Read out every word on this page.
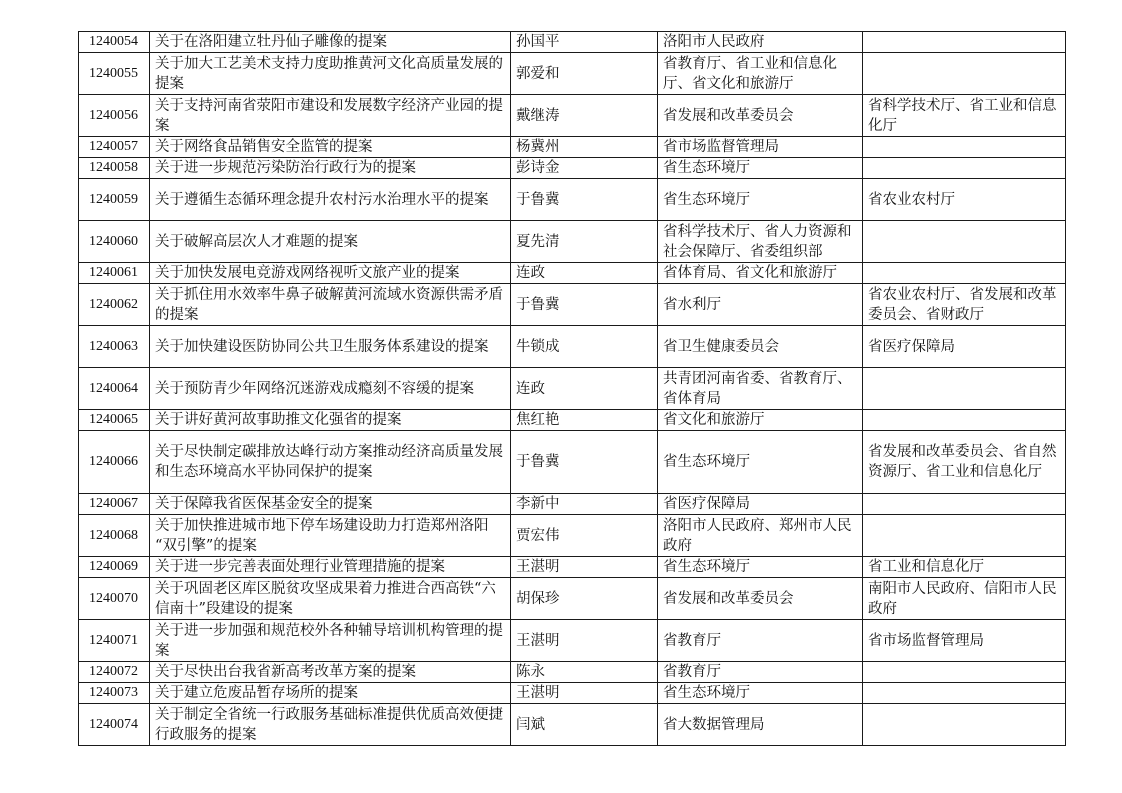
1240054	关于在洛阳建立牡丹仙子雕像的提案	孙国平	洛阳市人民政府	
1240055	关于加大工艺美术支持力度助推黄河文化高质量发展的提案	郭爱和	省教育厅、省工业和信息化厅、省文化和旅游厅	
1240056	关于支持河南省荥阳市建设和发展数字经济产业园的提案	戴继涛	省发展和改革委员会	省科学技术厅、省工业和信息化厅
1240057	关于网络食品销售安全监管的提案	杨冀州	省市场监督管理局	
1240058	关于进一步规范污染防治行政行为的提案	彭诗金	省生态环境厅	
1240059	关于遵循生态循环理念提升农村污水治理水平的提案	于鲁冀	省生态环境厅	省农业农村厅
1240060	关于破解高层次人才难题的提案	夏先清	省科学技术厅、省人力资源和社会保障厅、省委组织部	
1240061	关于加快发展电竞游戏网络视听文旅产业的提案	连政	省体育局、省文化和旅游厅	
1240062	关于抓住用水效率牛鼻子破解黄河流域水资源供需矛盾的提案	于鲁冀	省水利厅	省农业农村厅、省发展和改革委员会、省财政厅
1240063	关于加快建设医防协同公共卫生服务体系建设的提案	牛锁成	省卫生健康委员会	省医疗保障局
1240064	关于预防青少年网络沉迷游戏成瘾刻不容缓的提案	连政	共青团河南省委、省教育厅、省体育局	
1240065	关于讲好黄河故事助推文化强省的提案	焦红艳	省文化和旅游厅	
1240066	关于尽快制定碳排放达峰行动方案推动经济高质量发展和生态环境高水平协同保护的提案	于鲁冀	省生态环境厅	省发展和改革委员会、省自然资源厅、省工业和信息化厅
1240067	关于保障我省医保基金安全的提案	李新中	省医疗保障局	
1240068	关于加快推进城市地下停车场建设助力打造郑州洛阳 “双引擎”的提案	贾宏伟	洛阳市人民政府、郑州市人民政府	
1240069	关于进一步完善表面处理行业管理措施的提案	王湛明	省生态环境厅	省工业和信息化厅
1240070	关于巩固老区库区脱贫攻坚成果着力推进合西高铁“六信南十”段建设的提案	胡保珍	省发展和改革委员会	南阳市人民政府、信阳市人民政府
1240071	关于进一步加强和规范校外各种辅导培训机构管理的提案	王湛明	省教育厅	省市场监督管理局
1240072	关于尽快出台我省新高考改革方案的提案	陈永	省教育厅	
1240073	关于建立危废品暂存场所的提案	王湛明	省生态环境厅	
1240074	关于制定全省统一行政服务基础标准提供优质高效便捷行政服务的提案	闫斌	省大数据管理局	
